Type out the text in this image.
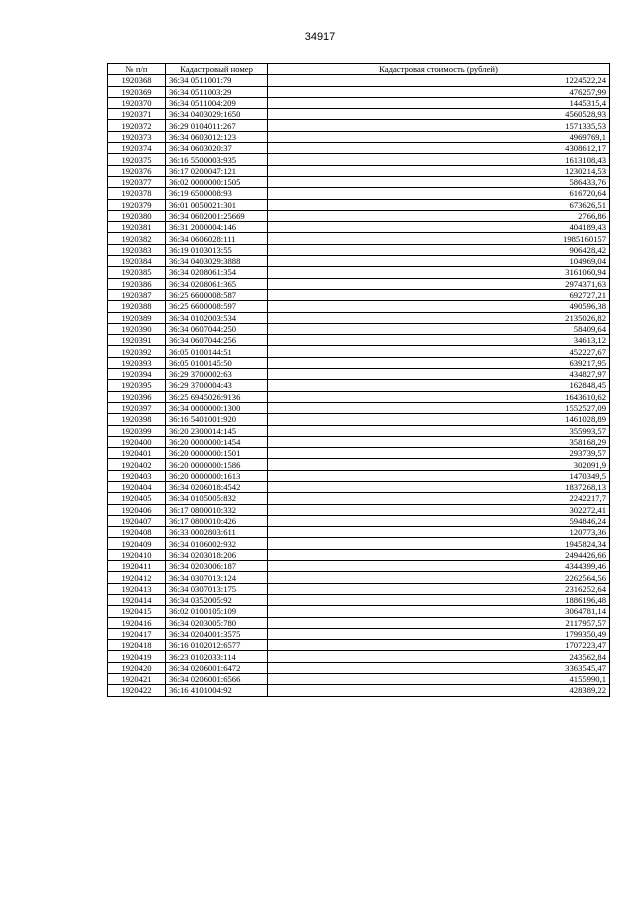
34917
№ п/п	Кадастровый номер	Кадастровая стоимость (рублей)
1920368	36:34 0511001:79	1224522,24
1920369	36:34 0511003:29	476257,99
1920370	36:34 0511004:209	1445315,4
1920371	36:34 0403029:1650	4560528,93
1920372	36:29 0104011:267	1571335,53
1920373	36:34 0603012:123	4969769,1
1920374	36:34 0603020:37	4308612,17
1920375	36:16 5500003:935	1613108,43
1920376	36:17 0200047:121	1230214,53
1920377	36:02 0000000:1505	586433,76
1920378	36:19 6500008:93	616720,64
1920379	36:01 0050021:301	673626,51
1920380	36:34 0602001:25669	2766,86
1920381	36:31 2000004:146	404189,43
1920382	36:34 0606028:111	1985160157
1920383	36:19 0103013:55	906428,42
1920384	36:34 0403029:3888	104969,04
1920385	36:34 0208061:354	3161060,94
1920386	36:34 0208061:365	2974371,63
1920387	36:25 6600008:587	692727,21
1920388	36:25 6600008:597	490596,38
1920389	36:34 0102003:534	2135026,82
1920390	36:34 0607044:250	58409,64
1920391	36:34 0607044:256	34613,12
1920392	36:05 0100144:51	452227,67
1920393	36:05 0100145:50	639217,95
1920394	36:29 3700002:63	434827,97
1920395	36:29 3700004:43	162848,45
1920396	36:25 6945026:9136	1643610,62
1920397	36:34 0000000:1300	1552527,09
1920398	36:16 5401001:920	1461028,89
1920399	36:20 2300014:145	355993,57
1920400	36:20 0000000:1454	358168,29
1920401	36:20 0000000:1501	293739,57
1920402	36:20 0000000:1586	302091,9
1920403	36:20 0000000:1613	1470349,5
1920404	36:34 0206018:4542	1837268,13
1920405	36:34 0105005:832	2242217,7
1920406	36:17 0800010:332	302272,41
1920407	36:17 0800010:426	594846,24
1920408	36:33 0002803:611	120773,36
1920409	36:34 0106002:932	1945824,34
1920410	36:34 0203018:206	2494426,66
1920411	36:34 0203006:187	4344399,46
1920412	36:34 0307013:124	2262564,56
1920413	36:34 0307013:175	2316252,64
1920414	36:34 0352005:92	1886196,48
1920415	36:02 0100105:109	3064781,14
1920416	36:34 0203005:780	2117957,57
1920417	36:34 0204001:3575	1799350,49
1920418	36:16 0102012:6577	1707223,47
1920419	36:23 0102033:114	243562,84
1920420	36:34 0206001:6472	3363545,47
1920421	36:34 0206001:6566	4155990,1
1920422	36:16 4101004:92	428389,22
